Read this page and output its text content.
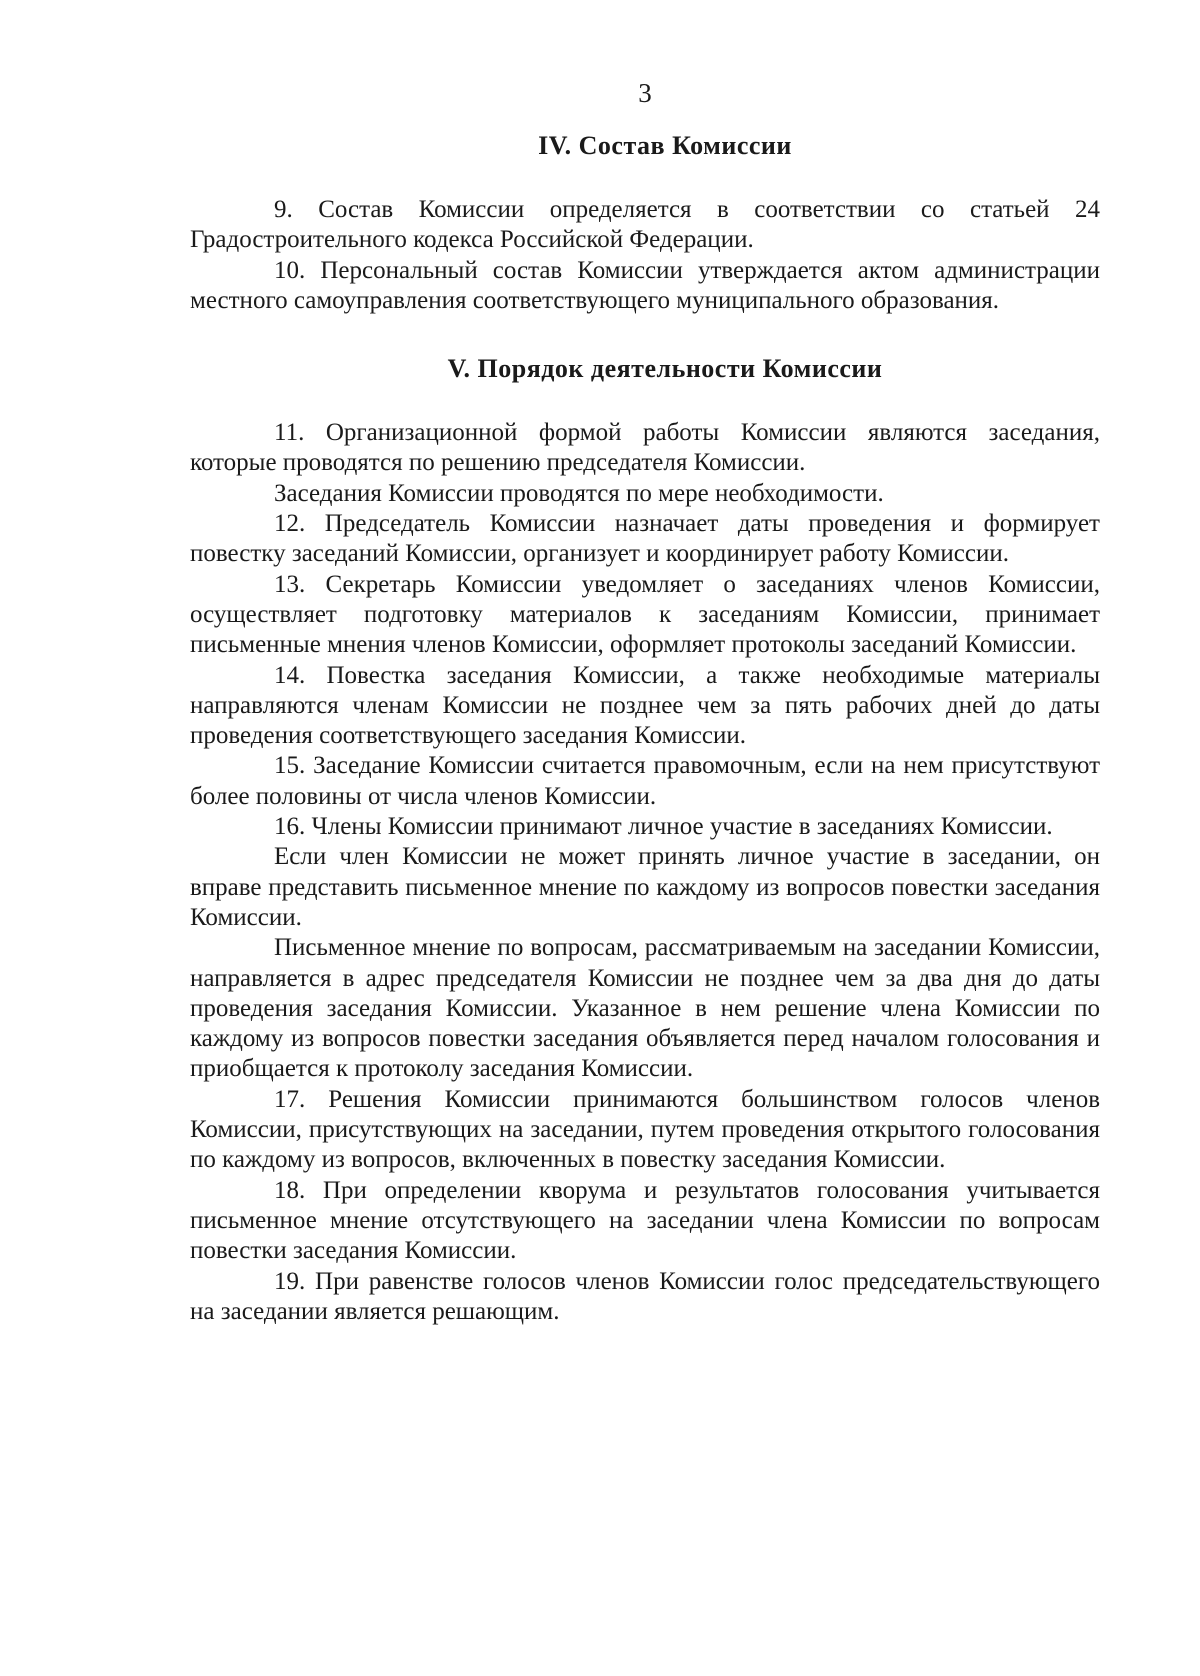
3
IV. Состав Комиссии

9. Состав Комиссии определяется в соответствии со статьей 24 Градостроительного кодекса Российской Федерации.

10. Персональный состав Комиссии утверждается актом администрации местного самоуправления соответствующего муниципального образования.

V. Порядок деятельности Комиссии

11. Организационной формой работы Комиссии являются заседания, которые проводятся по решению председателя Комиссии.

Заседания Комиссии проводятся по мере необходимости.

12. Председатель Комиссии назначает даты проведения и формирует повестку заседаний Комиссии, организует и координирует работу Комиссии.

13. Секретарь Комиссии уведомляет о заседаниях членов Комиссии, осуществляет подготовку материалов к заседаниям Комиссии, принимает письменные мнения членов Комиссии, оформляет протоколы заседаний Комиссии.

14. Повестка заседания Комиссии, а также необходимые материалы направляются членам Комиссии не позднее чем за пять рабочих дней до даты проведения соответствующего заседания Комиссии.

15. Заседание Комиссии считается правомочным, если на нем присутствуют более половины от числа членов Комиссии.

16. Члены Комиссии принимают личное участие в заседаниях Комиссии.

Если член Комиссии не может принять личное участие в заседании, он вправе представить письменное мнение по каждому из вопросов повестки заседания Комиссии.

Письменное мнение по вопросам, рассматриваемым на заседании Комиссии, направляется в адрес председателя Комиссии не позднее чем за два дня до даты проведения заседания Комиссии. Указанное в нем решение члена Комиссии по каждому из вопросов повестки заседания объявляется перед началом голосования и приобщается к протоколу заседания Комиссии.

17. Решения Комиссии принимаются большинством голосов членов Комиссии, присутствующих на заседании, путем проведения открытого голосования по каждому из вопросов, включенных в повестку заседания Комиссии.

18. При определении кворума и результатов голосования учитывается письменное мнение отсутствующего на заседании члена Комиссии по вопросам повестки заседания Комиссии.

19. При равенстве голосов членов Комиссии голос председательствующего на заседании является решающим.
